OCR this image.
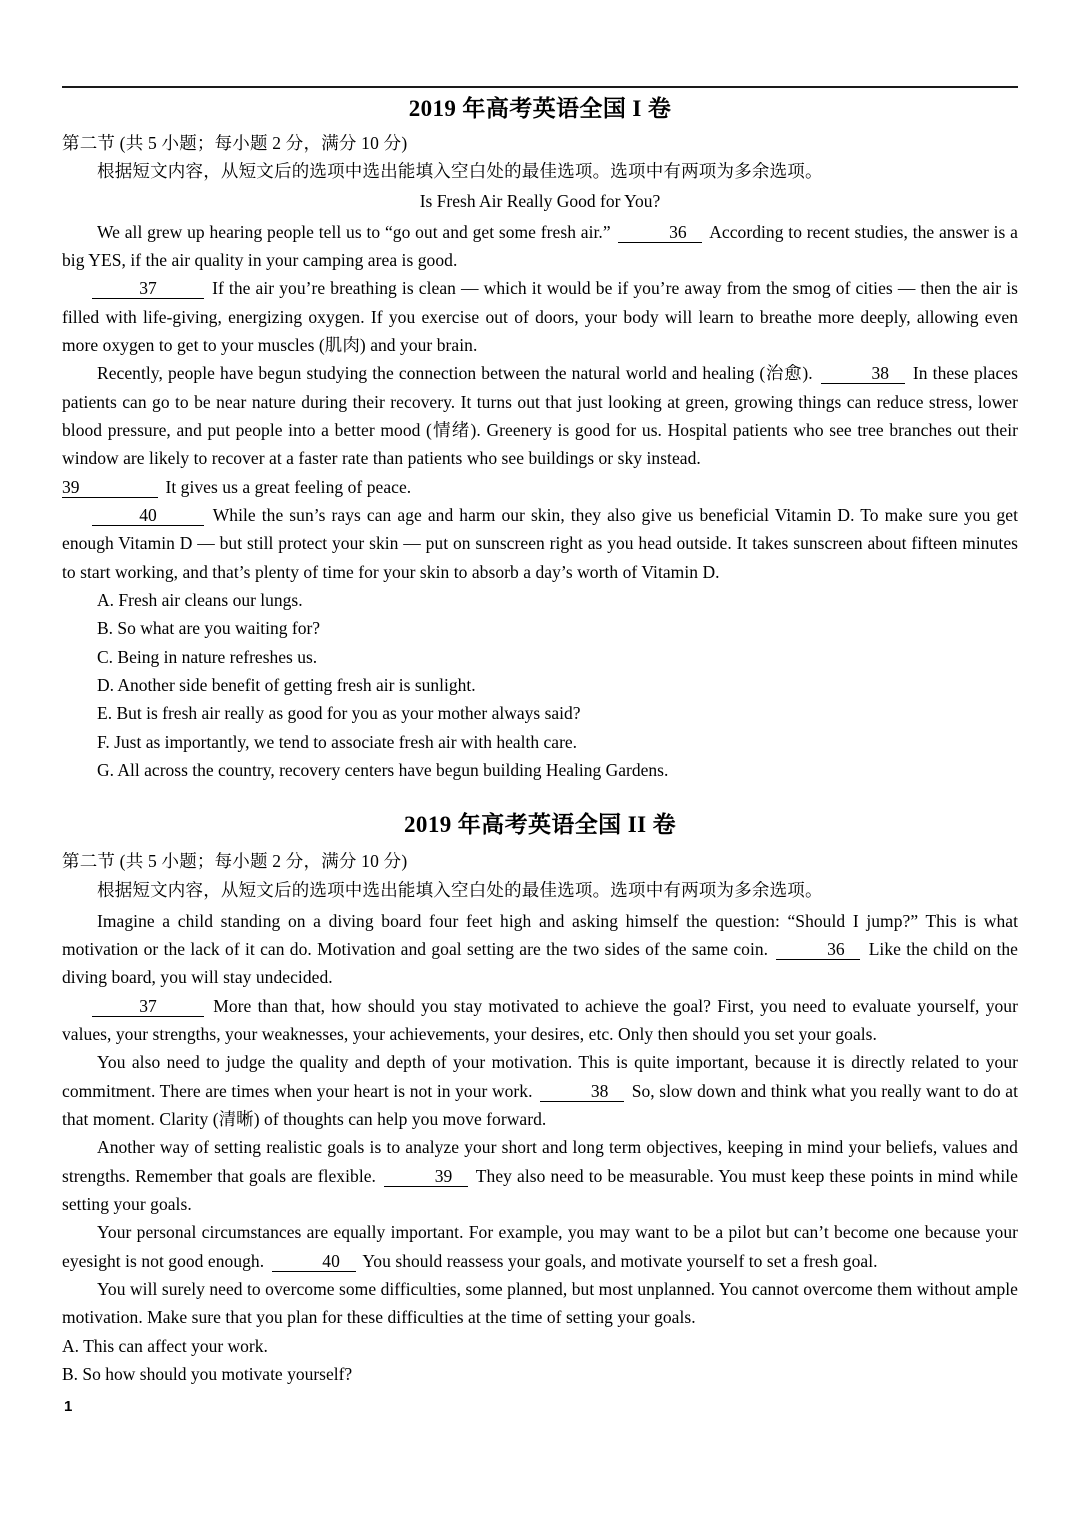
2019 年高考英语全国 I 卷
第二节 (共 5 小题；每小题 2 分，满分 10 分)
根据短文内容，从短文后的选项中选出能填入空白处的最佳选项。选项中有两项为多余选项。
Is Fresh Air Really Good for You?

We all grew up hearing people tell us to “go out and get some fresh air.”	36 According to recent studies, the answer is a big YES, if the air quality in your camping area is good.

37	If the air you’re breathing is clean — which it would be if you’re away from the smog of cities — then the air is filled with life-giving, energizing oxygen. If you exercise out of doors, your body will learn to breathe more deeply, allowing even more oxygen to get to your muscles (肌肉) and your brain.

Recently, people have begun studying the connection between the natural world and healing (治愈).	38 In these places patients can go to be near nature during their recovery. It turns out that just looking at green, growing things can reduce stress, lower blood pressure, and put people into a better mood (情绪). Greenery is good for us. Hospital patients who see tree branches out their window are likely to recover at a faster rate than patients who see buildings or sky instead.

39	It gives us a great feeling of peace.

40	While the sun’s rays can age and harm our skin, they also give us beneficial Vitamin D. To make sure you get enough Vitamin D — but still protect your skin — put on sunscreen right as you head outside. It takes sunscreen about fifteen minutes to start working, and that’s plenty of time for your skin to absorb a day’s worth of Vitamin D.

A. Fresh air cleans our lungs.
B. So what are you waiting for?
C. Being in nature refreshes us.
D. Another side benefit of getting fresh air is sunlight.
E. But is fresh air really as good for you as your mother always said?
F. Just as importantly, we tend to associate fresh air with health care.
G. All across the country, recovery centers have begun building Healing Gardens.
2019 年高考英语全国 II 卷
第二节 (共 5 小题；每小题 2 分，满分 10 分)
根据短文内容，从短文后的选项中选出能填入空白处的最佳选项。选项中有两项为多余选项。

Imagine a child standing on a diving board four feet high and asking himself the question: “Should I jump?” This is what motivation or the lack of it can do. Motivation and goal setting are the two sides of the same coin.	36 Like the child on the diving board, you will stay undecided.

37	More than that, how should you stay motivated to achieve the goal? First, you need to evaluate yourself, your values, your strengths, your weaknesses, your achievements, your desires, etc. Only then should you set your goals.

You also need to judge the quality and depth of your motivation. This is quite important, because it is directly related to your commitment. There are times when your heart is not in your work.	38 So, slow down and think what you really want to do at that moment. Clarity (清晰) of thoughts can help you move forward.

Another way of setting realistic goals is to analyze your short and long term objectives, keeping in mind your beliefs, values and strengths. Remember that goals are flexible.	39 They also need to be measurable. You must keep these points in mind while setting your goals.

Your personal circumstances are equally important. For example, you may want to be a pilot but can’t become one because your eyesight is not good enough.	40 You should reassess your goals, and motivate yourself to set a fresh goal.

You will surely need to overcome some difficulties, some planned, but most unplanned. You cannot overcome them without ample motivation. Make sure that you plan for these difficulties at the time of setting your goals.

A. This can affect your work.
B. So how should you motivate yourself?
1
